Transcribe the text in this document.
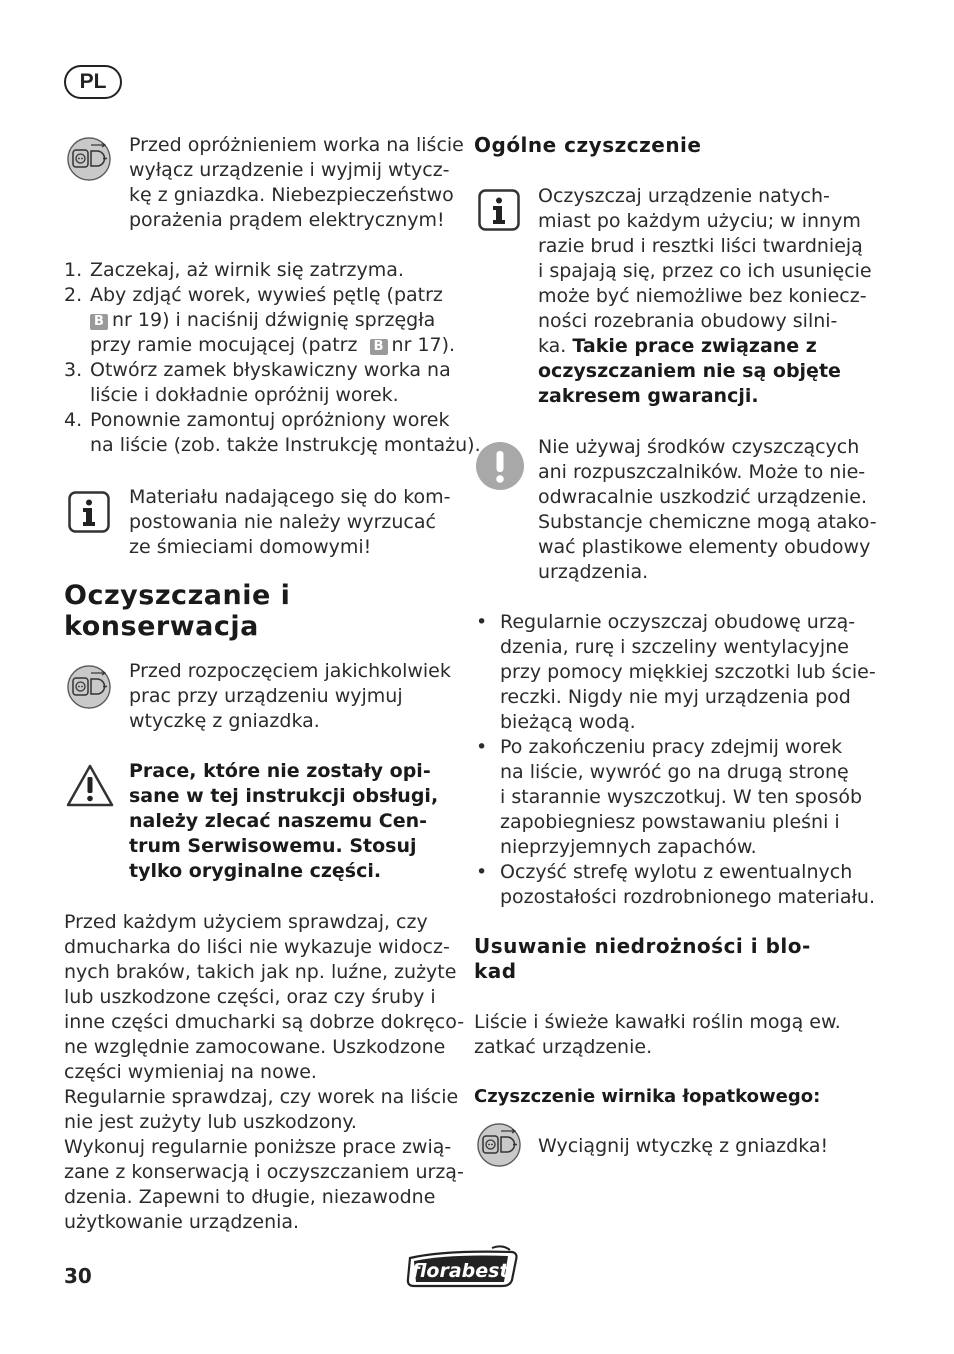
PL
Przed opróżnieniem worka na liście
wyłącz urządzenie i wyjmij wtycz-
kę z gniazdka. Niebezpieczeństwo
porażenia prądem elektrycznym!
1. Zaczekaj, aż wirnik się zatrzyma.
2. Aby zdjąć worek, wywieś pętlę (patrz
B nr 19) i naciśnij dźwignię sprzęgła
przy ramie mocującej (patrz B nr 17).
3. Otwórz zamek błyskawiczny worka na
liście i dokładnie opróżnij worek.
4. Ponownie zamontuj opróżniony worek
na liście (zob. także Instrukcję montażu).
Materiału nadającego się do kom-
postowania nie należy wyrzucać
ze śmieciami domowymi!
Oczyszczanie i
konserwacja
Przed rozpoczęciem jakichkolwiek
prac przy urządzeniu wyjmuj
wtyczkę z gniazdka.
Prace, które nie zostały opi-
sane w tej instrukcji obsługi,
należy zlecać naszemu Cen-
trum Serwisowemu. Stosuj
tylko oryginalne części.
Przed każdym użyciem sprawdzaj, czy
dmucharka do liści nie wykazuje widocz-
nych braków, takich jak np. luźne, zużyte
lub uszkodzone części, oraz czy śruby i
inne części dmucharki są dobrze dokręco-
ne względnie zamocowane. Uszkodzone
części wymieniaj na nowe.
Regularnie sprawdzaj, czy worek na liście
nie jest zużyty lub uszkodzony.
Wykonuj regularnie poniższe prace zwią-
zane z konserwacją i oczyszczaniem urzą-
dzenia. Zapewni to długie, niezawodne
użytkowanie urządzenia.
Ogólne czyszczenie
Oczyszczaj urządzenie natych-
miast po każdym użyciu; w innym
razie brud i resztki liści twardnieją
i spajają się, przez co ich usunięcie
może być niemożliwe bez koniecz-
ności rozebrania obudowy silni-
ka. Takie prace związane z
oczyszczaniem nie są objęte
zakresem gwarancji.
Nie używaj środków czyszczących
ani rozpuszczalników. Może to nie-
odwracalnie uszkodzić urządzenie.
Substancje chemiczne mogą atako-
wać plastikowe elementy obudowy
urządzenia.
• Regularnie oczyszczaj obudowę urzą-
dzenia, rurę i szczeliny wentylacyjne
przy pomocy miękkiej szczotki lub ście-
reczki. Nigdy nie myj urządzenia pod
bieżącą wodą.
• Po zakończeniu pracy zdejmij worek
na liście, wywróć go na drugą stronę
i starannie wyszczotkuj. W ten sposób
zapobiegniesz powstawaniu pleśni i
nieprzyjemnych zapachów.
• Oczyść strefę wylotu z ewentualnych
pozostałości rozdrobnionego materiału.
Usuwanie niedrożności i blo-
kad
Liście i świeże kawałki roślin mogą ew.
zatkać urządzenie.
Czyszczenie wirnika łopatkowego:
Wyciągnij wtyczkę z gniazdka!
30	florabest
